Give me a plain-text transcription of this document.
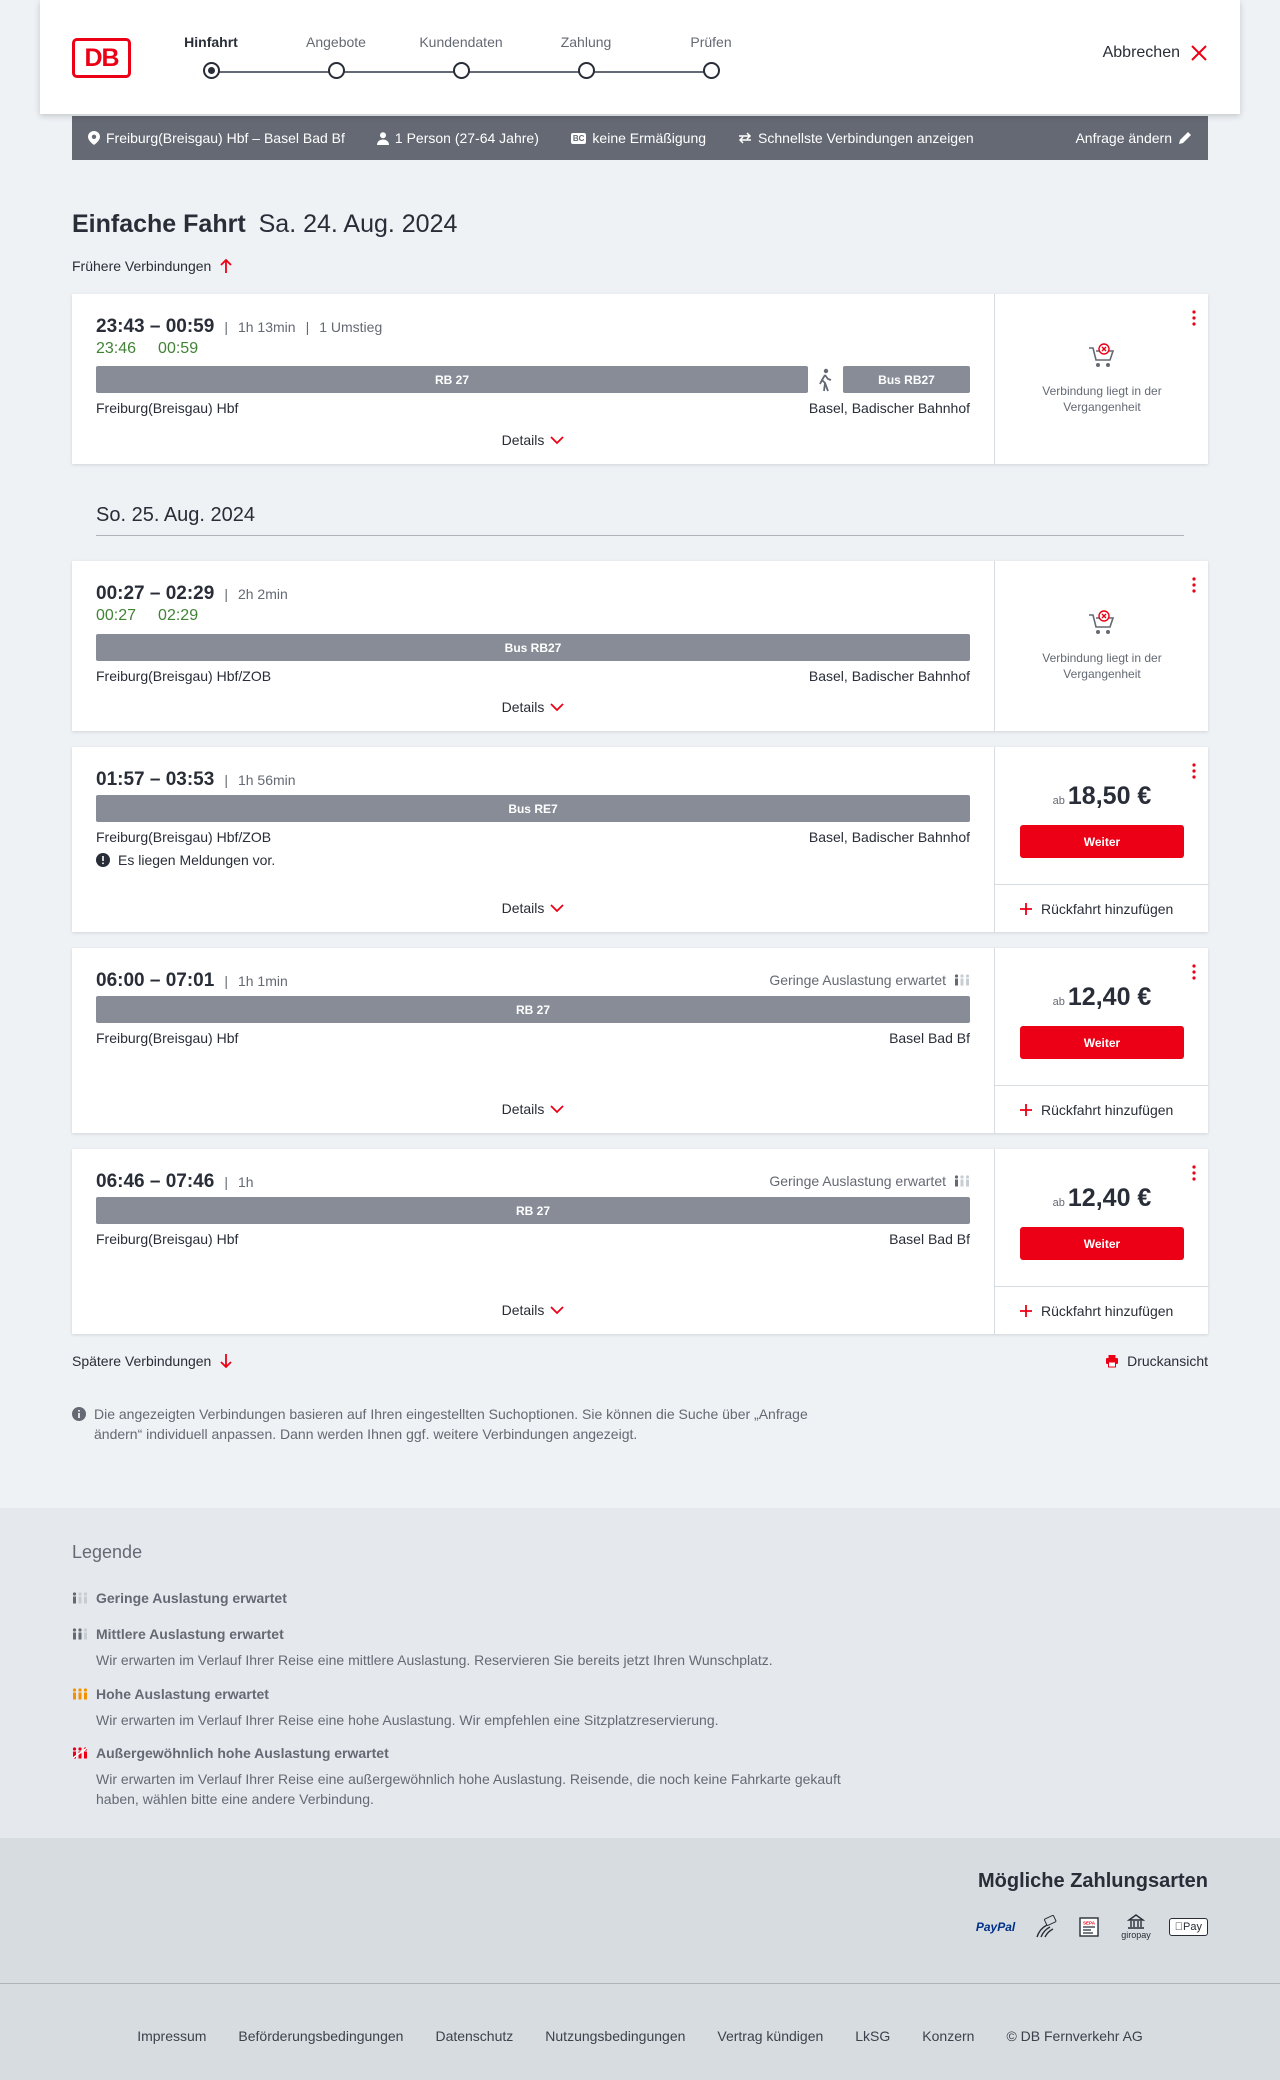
DB
Hinfahrt	Angebote	Kundendaten	Zahlung	Prüfen
Abbrechen
Freiburg(Breisgau) Hbf – Basel Bad Bf	1 Person (27-64 Jahre)	BC keine Ermäßigung	Schnellste Verbindungen anzeigen	Anfrage ändern
Einfache Fahrt Sa. 24. Aug. 2024
Frühere Verbindungen
23:43 – 00:59 | 1h 13min | 1 Umstieg
23:46 00:59
RB 27	Bus RB27
Freiburg(Breisgau) Hbf	Basel, Badischer Bahnhof
Details
Verbindung liegt in der Vergangenheit
So. 25. Aug. 2024
00:27 – 02:29 | 2h 2min
00:27 02:29
Bus RB27
Freiburg(Breisgau) Hbf/ZOB	Basel, Badischer Bahnhof
Details
Verbindung liegt in der Vergangenheit
01:57 – 03:53 | 1h 56min
Bus RE7
Freiburg(Breisgau) Hbf/ZOB	Basel, Badischer Bahnhof
Es liegen Meldungen vor.
Details
ab 18,50 €
Weiter
Rückfahrt hinzufügen
06:00 – 07:01 | 1h 1min	Geringe Auslastung erwartet
RB 27
Freiburg(Breisgau) Hbf	Basel Bad Bf
Details
ab 12,40 €
Weiter
Rückfahrt hinzufügen
06:46 – 07:46 | 1h	Geringe Auslastung erwartet
RB 27
Freiburg(Breisgau) Hbf	Basel Bad Bf
Details
ab 12,40 €
Weiter
Rückfahrt hinzufügen
Spätere Verbindungen	Druckansicht
Die angezeigten Verbindungen basieren auf Ihren eingestellten Suchoptionen. Sie können die Suche über „Anfrage ändern“ individuell anpassen. Dann werden Ihnen ggf. weitere Verbindungen angezeigt.
Legende
Geringe Auslastung erwartet
Mittlere Auslastung erwartet
Wir erwarten im Verlauf Ihrer Reise eine mittlere Auslastung. Reservieren Sie bereits jetzt Ihren Wunschplatz.
Hohe Auslastung erwartet
Wir erwarten im Verlauf Ihrer Reise eine hohe Auslastung. Wir empfehlen eine Sitzplatzreservierung.
Außergewöhnlich hohe Auslastung erwartet
Wir erwarten im Verlauf Ihrer Reise eine außergewöhnlich hohe Auslastung. Reisende, die noch keine Fahrkarte gekauft haben, wählen bitte eine andere Verbindung.
Mögliche Zahlungsarten
PayPal	SEPA
giropay
Pay
Impressum Beförderungsbedingungen Datenschutz Nutzungsbedingungen Vertrag kündigen LkSG Konzern © DB Fernverkehr AG
